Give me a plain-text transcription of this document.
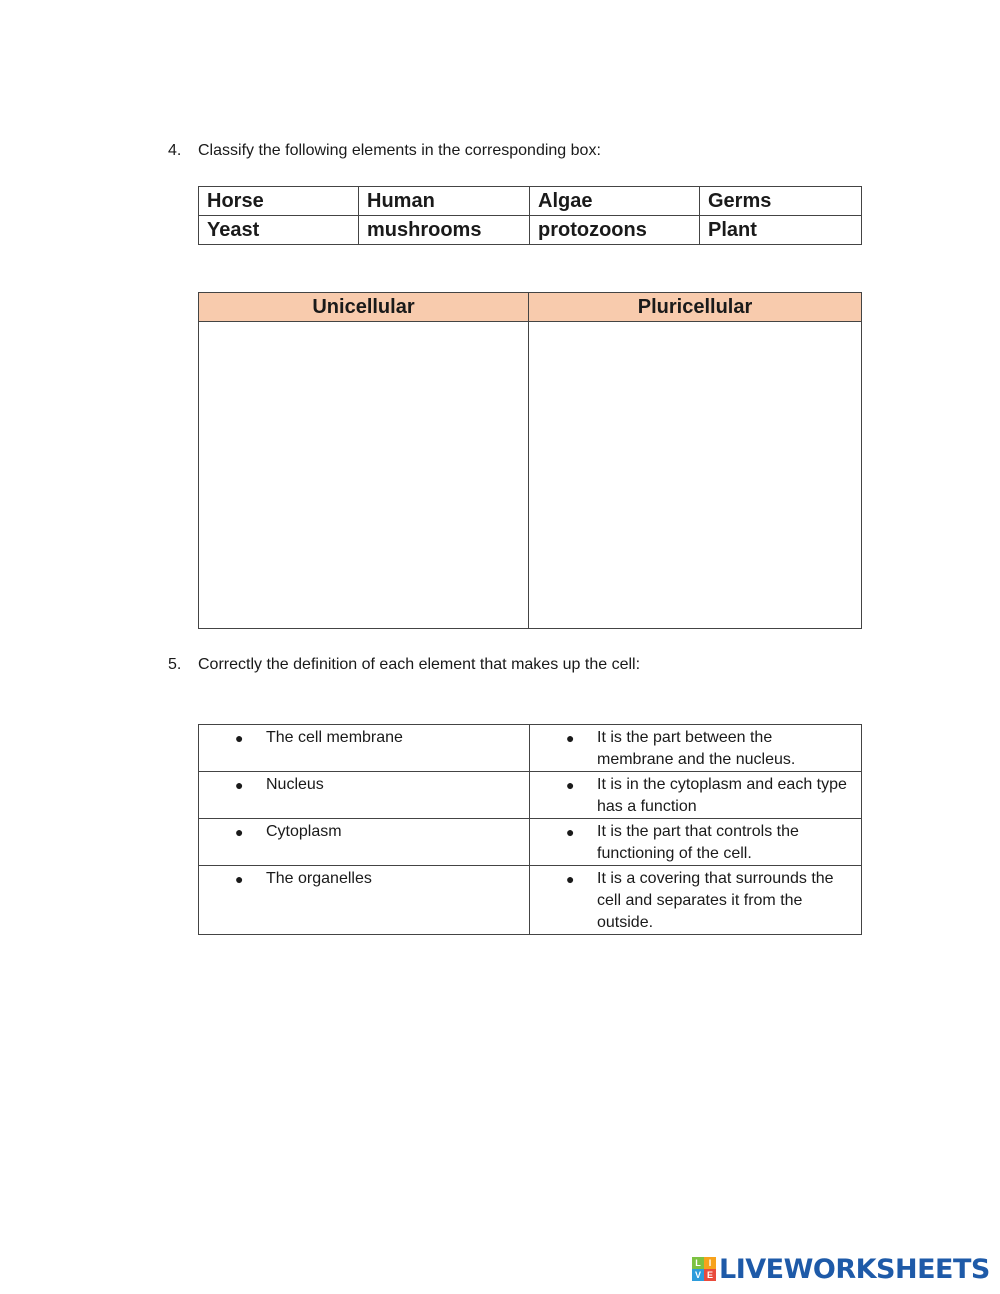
4.	Classify the following elements in the corresponding box:
Horse	Human	Algae	Germs
Yeast	mushrooms	protozoons	Plant
Unicellular	Pluricellular

5.	Correctly the definition of each element that makes up the cell:
● The cell membrane	● It is the part between the membrane and the nucleus.

● Nucleus	● It is in the cytoplasm and each type has a function

● Cytoplasm	● It is the part that controls the functioning of the cell.

● The organelles	● It is a covering that surrounds the cell and separates it from the outside.
L I
V E LIVEWORKSHEETS
